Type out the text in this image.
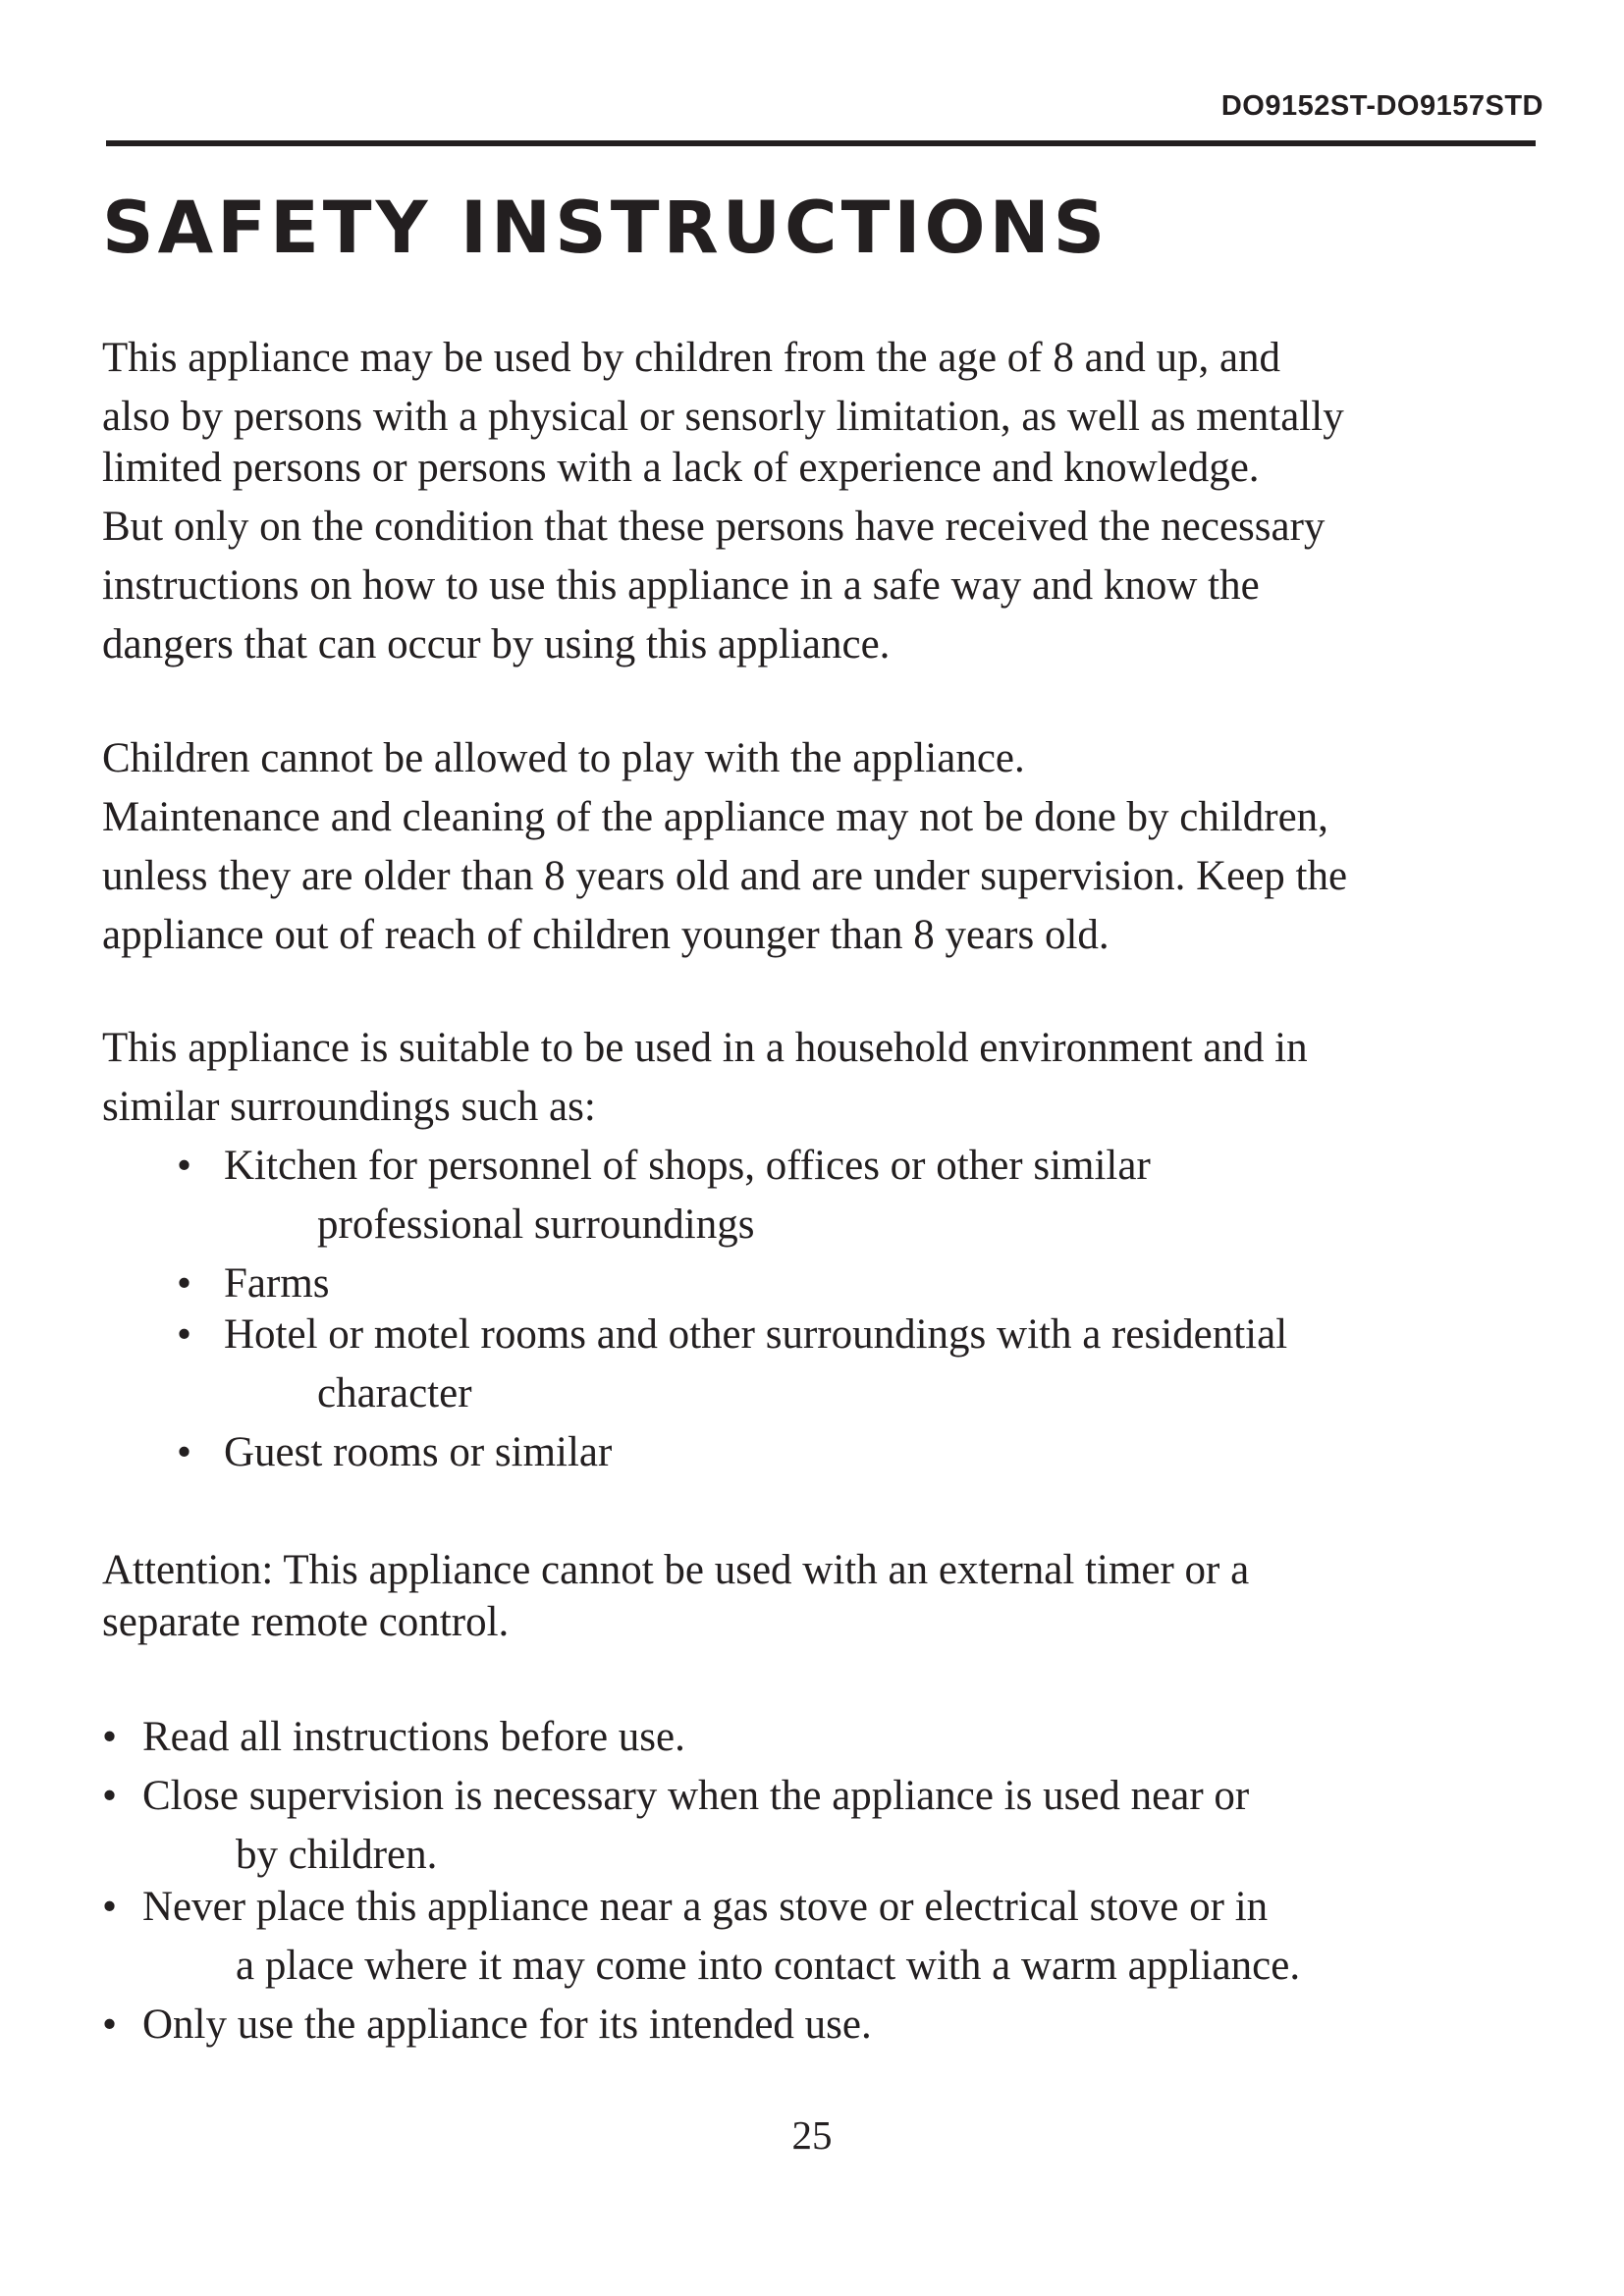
DO9152ST-DO9157STD
SAFETY INSTRUCTIONS
This appliance may be used by children from the age of 8 and up, and
also by persons with a physical or sensorly limitation, as well as mentally
limited persons or persons with a lack of experience and knowledge.
But only on the condition that these persons have received the necessary
instructions on how to use this appliance in a safe way and know the
dangers that can occur by using this appliance.
Children cannot be allowed to play with the appliance.
Maintenance and cleaning of the appliance may not be done by children,
unless they are older than 8 years old and are under supervision. Keep the
appliance out of reach of children younger than 8 years old.
This appliance is suitable to be used in a household environment and in
similar surroundings such as:
• Kitchen for personnel of shops, offices or other similar
professional surroundings
• Farms
• Hotel or motel rooms and other surroundings with a residential
character
• Guest rooms or similar
Attention: This appliance cannot be used with an external timer or a
separate remote control.
• Read all instructions before use.
• Close supervision is necessary when the appliance is used near or
by children.
• Never place this appliance near a gas stove or electrical stove or in
a place where it may come into contact with a warm appliance.
• Only use the appliance for its intended use.
25
